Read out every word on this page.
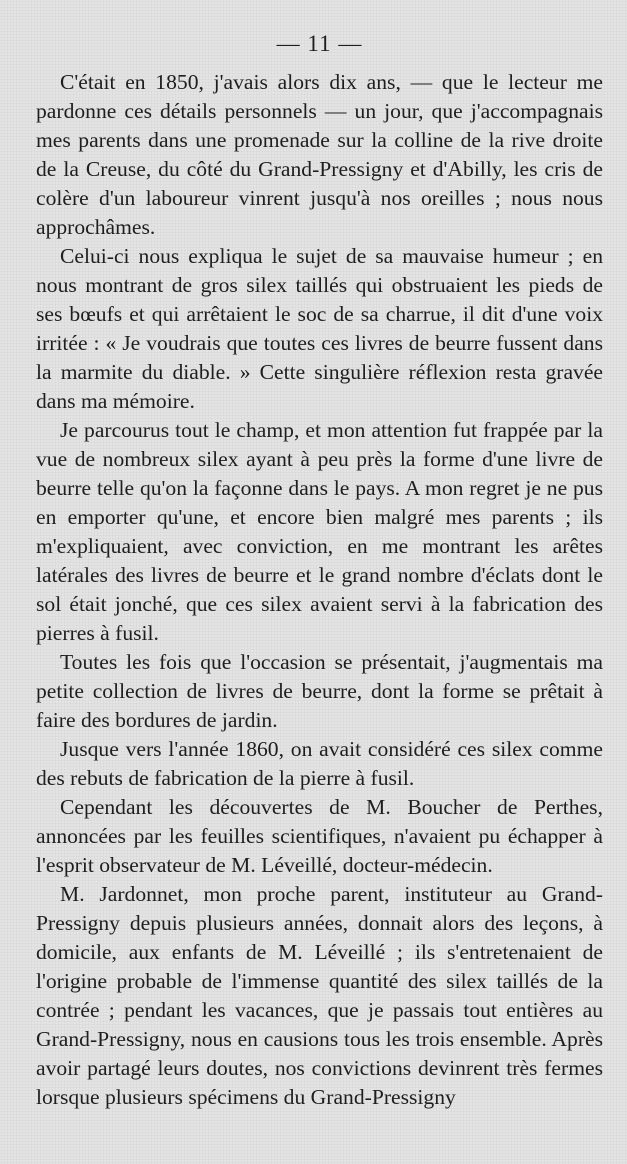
— 11 —

C'était en 1850, j'avais alors dix ans, — que le lecteur me pardonne ces détails personnels — un jour, que j'accompagnais mes parents dans une promenade sur la colline de la rive droite de la Creuse, du côté du Grand-Pressigny et d'Abilly, les cris de colère d'un laboureur vinrent jusqu'à nos oreilles ; nous nous approchâmes.

Celui-ci nous expliqua le sujet de sa mauvaise humeur ; en nous montrant de gros silex taillés qui obstruaient les pieds de ses bœufs et qui arrêtaient le soc de sa charrue, il dit d'une voix irritée : « Je voudrais que toutes ces livres de beurre fussent dans la marmite du diable. » Cette singulière réflexion resta gravée dans ma mémoire.

Je parcourus tout le champ, et mon attention fut frappée par la vue de nombreux silex ayant à peu près la forme d'une livre de beurre telle qu'on la façonne dans le pays. A mon regret je ne pus en emporter qu'une, et encore bien malgré mes parents ; ils m'expliquaient, avec conviction, en me montrant les arêtes latérales des livres de beurre et le grand nombre d'éclats dont le sol était jonché, que ces silex avaient servi à la fabrication des pierres à fusil.

Toutes les fois que l'occasion se présentait, j'augmentais ma petite collection de livres de beurre, dont la forme se prêtait à faire des bordures de jardin.

Jusque vers l'année 1860, on avait considéré ces silex comme des rebuts de fabrication de la pierre à fusil.

Cependant les découvertes de M. Boucher de Perthes, annoncées par les feuilles scientifiques, n'avaient pu échapper à l'esprit observateur de M. Léveillé, docteur-médecin.

M. Jardonnet, mon proche parent, instituteur au Grand-Pressigny depuis plusieurs années, donnait alors des leçons, à domicile, aux enfants de M. Léveillé ; ils s'entretenaient de l'origine probable de l'immense quantité des silex taillés de la contrée ; pendant les vacances, que je passais tout entières au Grand-Pressigny, nous en causions tous les trois ensemble. Après avoir partagé leurs doutes, nos convictions devinrent très fermes lorsque plusieurs spécimens du Grand-Pressigny
